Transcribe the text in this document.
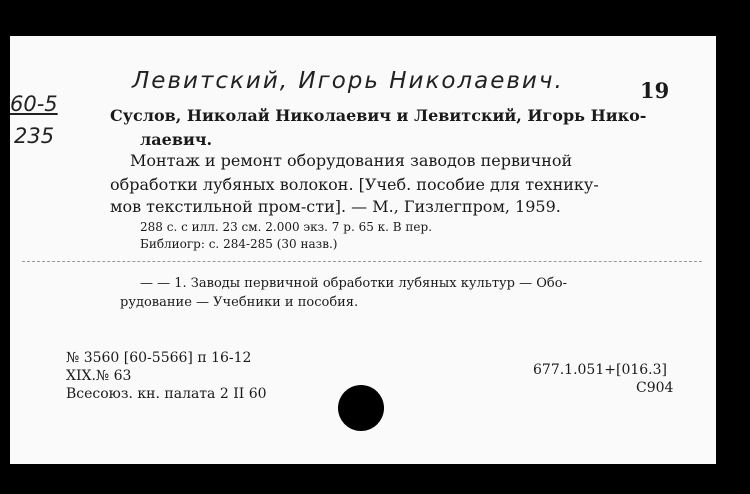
Левитский, Игорь Николаевич.	19
60-5
235
Суслов, Николай Николаевич и Левитский, Игорь Нико-
лаевич.
Монтаж и ремонт оборудования заводов первичной
обработки лубяных волокон. [Учеб. пособие для технику-
мов текстильной пром-сти]. — М., Гизлегпром, 1959.
288 с. с илл. 23 см. 2.000 экз. 7 р. 65 к. В пер.
Библиогр: с. 284-285 (30 назв.)
— — 1. Заводы первичной обработки лубяных культур — Обо-
рудование — Учебники и пособия.
№ 3560 [60-5566] п 16-12
XIX.№ 63
Всесоюз. кн. палата 2 II 60
677.1.051+[016.3]
С904
